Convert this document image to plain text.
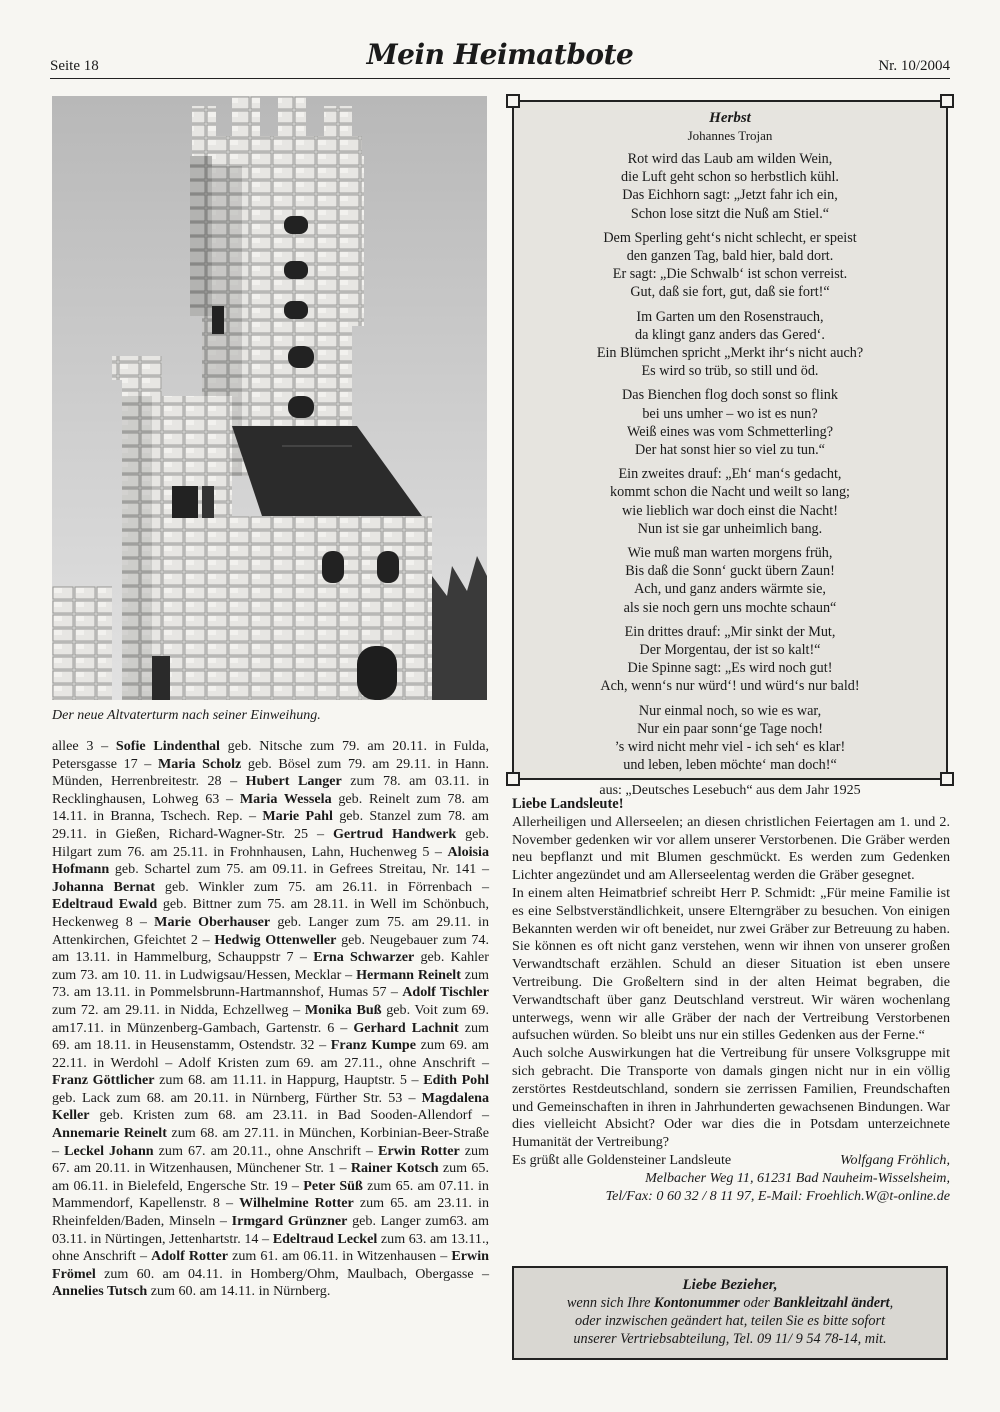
Seite 18	Mein Heimatbote	Nr. 10/2004
Der neue Altvaterturm nach seiner Einweihung.
allee 3 – Sofie Lindenthal geb. Nitsche zum 79. am 20.11. in Fulda, Petersgasse 17 – Maria Scholz geb. Bösel zum 79. am 29.11. in Hann. Münden, Herrenbreitestr. 28 – Hubert Langer zum 78. am 03.11. in Recklinghausen, Lohweg 63 – Maria Wessela geb. Reinelt zum 78. am 14.11. in Branna, Tschech. Rep. – Marie Pahl geb. Stanzel zum 78. am 29.11. in Gießen, Richard-Wagner-Str. 25 – Gertrud Handwerk geb. Hilgart zum 76. am 25.11. in Frohnhausen, Lahn, Huchenweg 5 – Aloisia Hofmann geb. Schartel zum 75. am 09.11. in Gefrees Streitau, Nr. 141 – Johanna Bernat geb. Winkler zum 75. am 26.11. in Förrenbach – Edeltraud Ewald geb. Bittner zum 75. am 28.11. in Well im Schönbuch, Heckenweg 8 – Marie Oberhauser geb. Langer zum 75. am 29.11. in Attenkirchen, Gfeichtet 2 – Hedwig Ottenweller geb. Neugebauer zum 74. am 13.11. in Hammelburg, Schauppstr 7 – Erna Schwarzer geb. Kahler zum 73. am 10. 11. in Ludwigsau/Hessen, Mecklar – Hermann Reinelt zum 73. am 13.11. in Pommelsbrunn-Hartmannshof, Humas 57 – Adolf Tischler zum 72. am 29.11. in Nidda, Echzellweg – Monika Buß geb. Voit zum 69. am17.11. in Münzenberg-Gambach, Gartenstr. 6 – Gerhard Lachnit zum 69. am 18.11. in Heusenstamm, Ostendstr. 32 – Franz Kumpe zum 69. am 22.11. in Werdohl – Adolf Kristen zum 69. am 27.11., ohne Anschrift – Franz Göttlicher zum 68. am 11.11. in Happurg, Hauptstr. 5 – Edith Pohl geb. Lack zum 68. am 20.11. in Nürnberg, Fürther Str. 53 – Magdalena Keller geb. Kristen zum 68. am 23.11. in Bad Sooden-Allendorf – Annemarie Reinelt zum 68. am 27.11. in München, Korbinian-Beer-Straße – Leckel Johann zum 67. am 20.11., ohne Anschrift – Erwin Rotter zum 67. am 20.11. in Witzenhausen, Münchener Str. 1 – Rainer Kotsch zum 65. am 06.11. in Bielefeld, Engersche Str. 19 – Peter Süß zum 65. am 07.11. in Mammendorf, Kapellenstr. 8 – Wilhelmine Rotter zum 65. am 23.11. in Rheinfelden/Baden, Minseln – Irmgard Grünzner geb. Langer zum63. am 03.11. in Nürtingen, Jettenhartstr. 14 – Edeltraud Leckel zum 63. am 13.11., ohne Anschrift – Adolf Rotter zum 61. am 06.11. in Witzenhausen – Erwin Frömel zum 60. am 04.11. in Homberg/Ohm, Maulbach, Obergasse – Annelies Tutsch zum 60. am 14.11. in Nürnberg.
Herbst
Johannes Trojan
Rot wird das Laub am wilden Wein,
die Luft geht schon so herbstlich kühl.
Das Eichhorn sagt: „Jetzt fahr ich ein,
Schon lose sitzt die Nuß am Stiel.“
Dem Sperling geht‘s nicht schlecht, er speist
den ganzen Tag, bald hier, bald dort.
Er sagt: „Die Schwalb‘ ist schon verreist.
Gut, daß sie fort, gut, daß sie fort!“
Im Garten um den Rosenstrauch,
da klingt ganz anders das Gered‘.
Ein Blümchen spricht „Merkt ihr‘s nicht auch?
Es wird so trüb, so still und öd.
Das Bienchen flog doch sonst so flink
bei uns umher – wo ist es nun?
Weiß eines was vom Schmetterling?
Der hat sonst hier so viel zu tun.“
Ein zweites drauf: „Eh‘ man‘s gedacht,
kommt schon die Nacht und weilt so lang;
wie lieblich war doch einst die Nacht!
Nun ist sie gar unheimlich bang.
Wie muß man warten morgens früh,
Bis daß die Sonn‘ guckt übern Zaun!
Ach, und ganz anders wärmte sie,
als sie noch gern uns mochte schaun“
Ein drittes drauf: „Mir sinkt der Mut,
Der Morgentau, der ist so kalt!“
Die Spinne sagt: „Es wird noch gut!
Ach, wenn‘s nur würd‘! und würd‘s nur bald!
Nur einmal noch, so wie es war,
Nur ein paar sonn‘ge Tage noch!
’s wird nicht mehr viel - ich seh‘ es klar!
und leben, leben möchte‘ man doch!“
aus: „Deutsches Lesebuch“ aus dem Jahr 1925

Liebe Landsleute!

Allerheiligen und Allerseelen; an diesen christlichen Feiertagen am 1. und 2. November gedenken wir vor allem unserer Verstorbenen. Die Gräber werden neu bepflanzt und mit Blumen geschmückt. Es werden zum Gedenken Lichter angezündet und am Allerseelentag werden die Gräber gesegnet.

In einem alten Heimatbrief schreibt Herr P. Schmidt: „Für meine Familie ist es eine Selbstverständlichkeit, unsere Elterngräber zu besuchen. Von einigen Bekannten werden wir oft beneidet, nur zwei Gräber zur Betreuung zu haben. Sie können es oft nicht ganz verstehen, wenn wir ihnen von unserer großen Verwandtschaft erzählen. Schuld an dieser Situation ist eben unsere Vertreibung. Die Großeltern sind in der alten Heimat begraben, die Verwandtschaft über ganz Deutschland verstreut. Wir wären wochenlang unterwegs, wenn wir alle Gräber der nach der Vertreibung Verstorbenen aufsuchen würden. So bleibt uns nur ein stilles Gedenken aus der Ferne.“

Auch solche Auswirkungen hat die Vertreibung für unsere Volksgruppe mit sich gebracht. Die Transporte von damals gingen nicht nur in ein völlig zerstörtes Restdeutschland, sondern sie zerrissen Familien, Freundschaften und Gemeinschaften in ihren in Jahrhunderten gewachsenen Bindungen. War dies vielleicht Absicht? Oder war dies die in Potsdam unterzeichnete Humanität der Vertreibung?

Es grüßt alle Goldensteiner Landsleute	Wolfgang Fröhlich,
Melbacher Weg 11, 61231 Bad Nauheim-Wisselsheim,
Tel/Fax: 0 60 32 / 8 11 97, E-Mail: Froehlich.W@t-online.de
Liebe Bezieher,
wenn sich Ihre Kontonummer oder Bankleitzahl ändert,
oder inzwischen geändert hat, teilen Sie es bitte sofort
unserer Vertriebsabteilung, Tel. 09 11/ 9 54 78-14, mit.
